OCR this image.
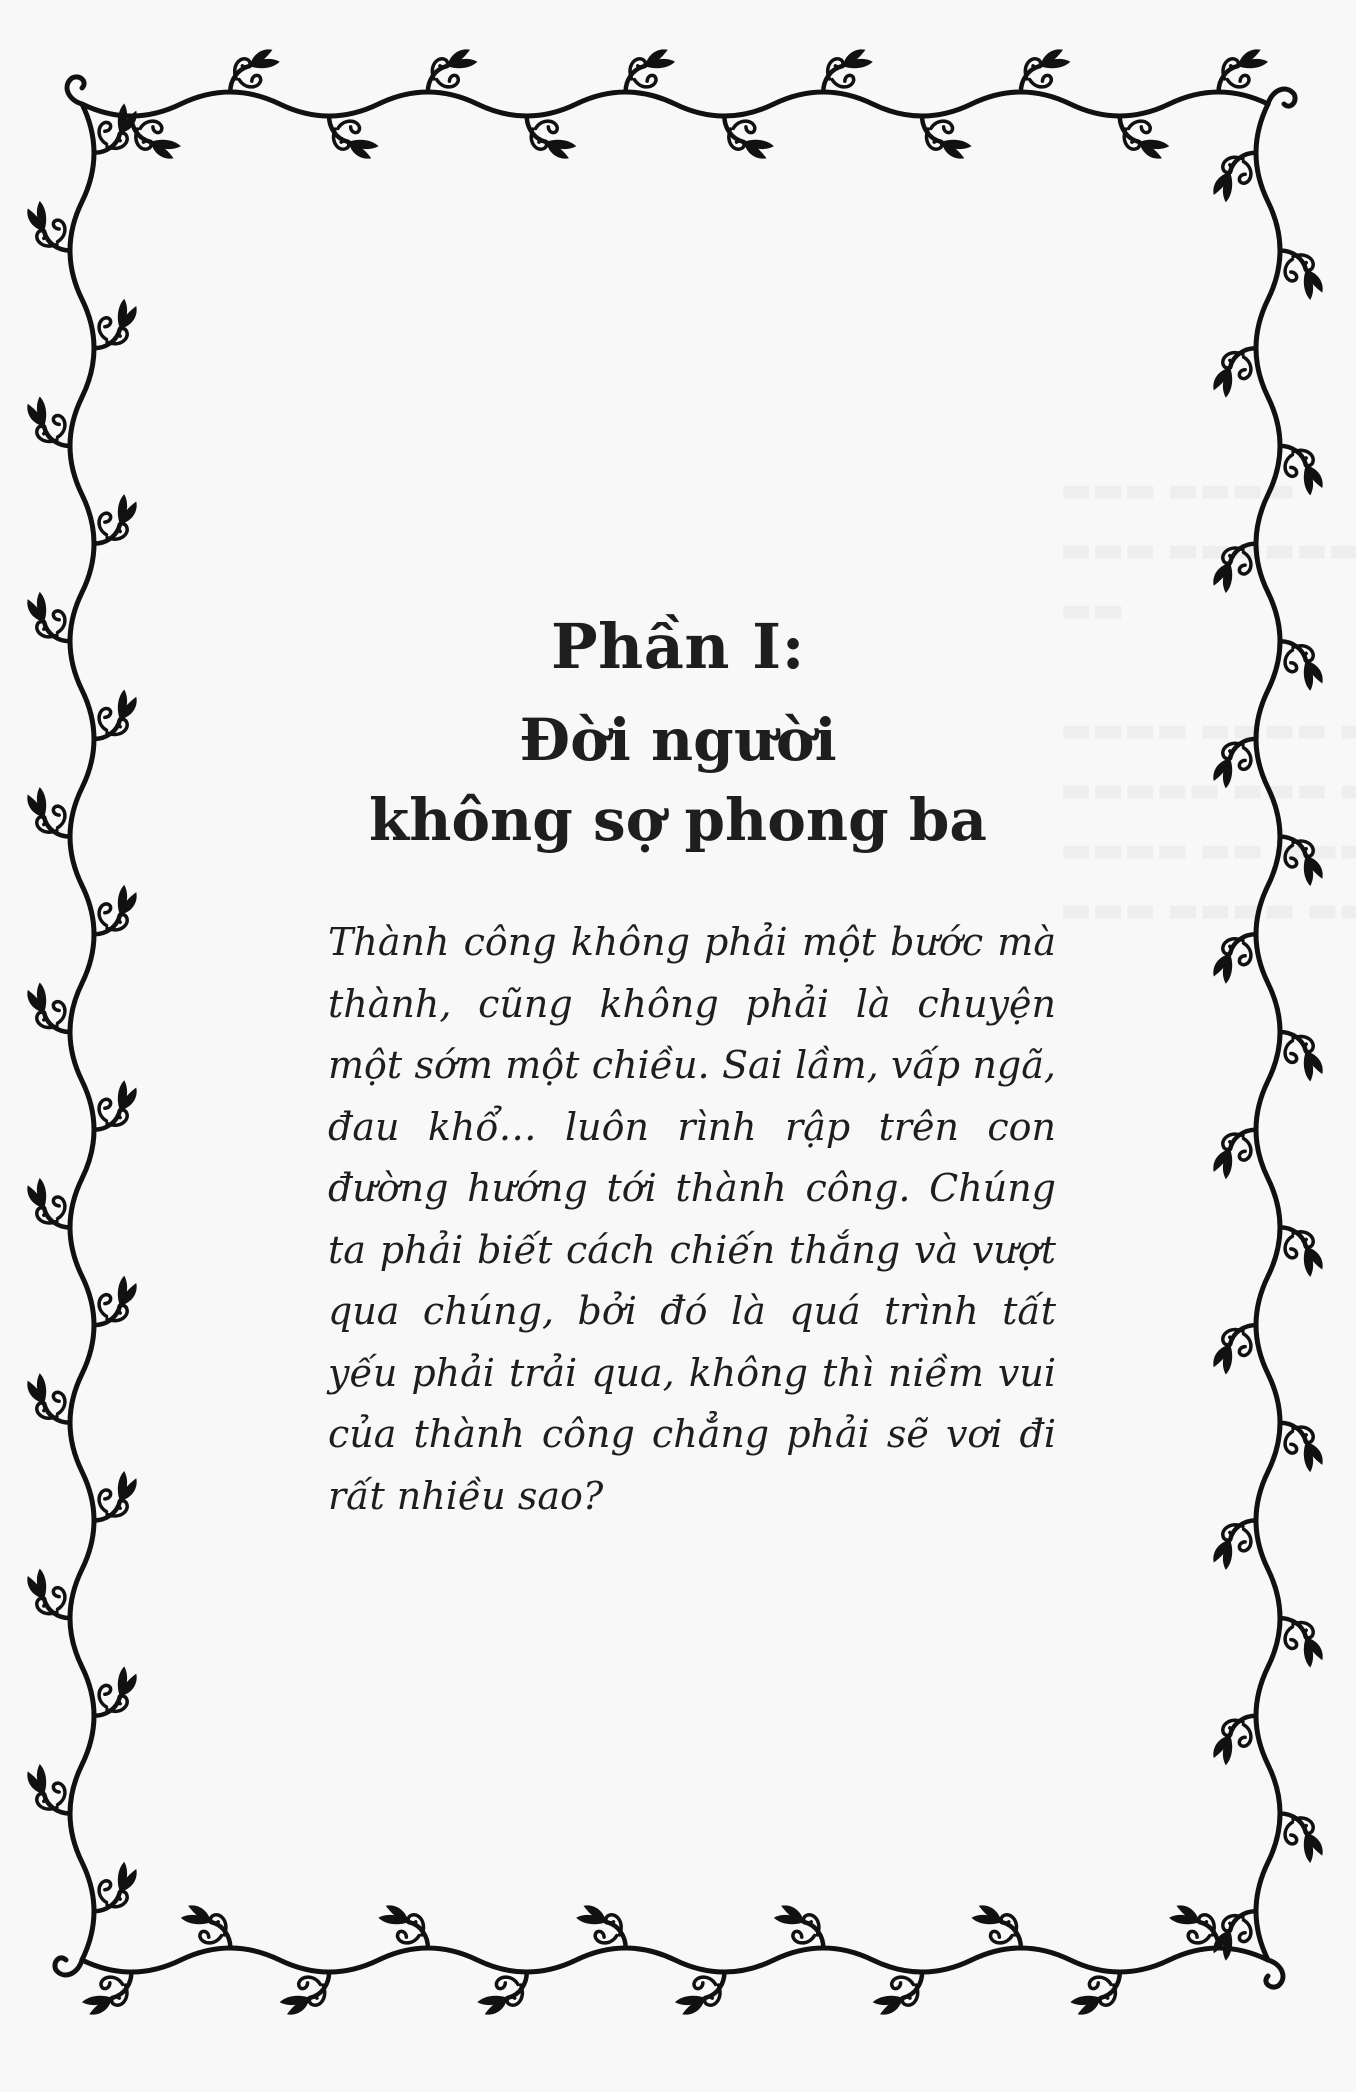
Phần I:
Đời người
không sợ phong ba

Thành công không phải một bước mà thành, cũng không phải là chuyện một sớm một chiều. Sai lầm, vấp ngã, đau khổ… luôn rình rập trên con đường hướng tới thành công. Chúng ta phải biết cách chiến thắng và vượt qua chúng, bởi đó là quá trình tất yếu phải trải qua, không thì niềm vui của thành công chẳng phải sẽ vơi đi rất nhiều sao?
